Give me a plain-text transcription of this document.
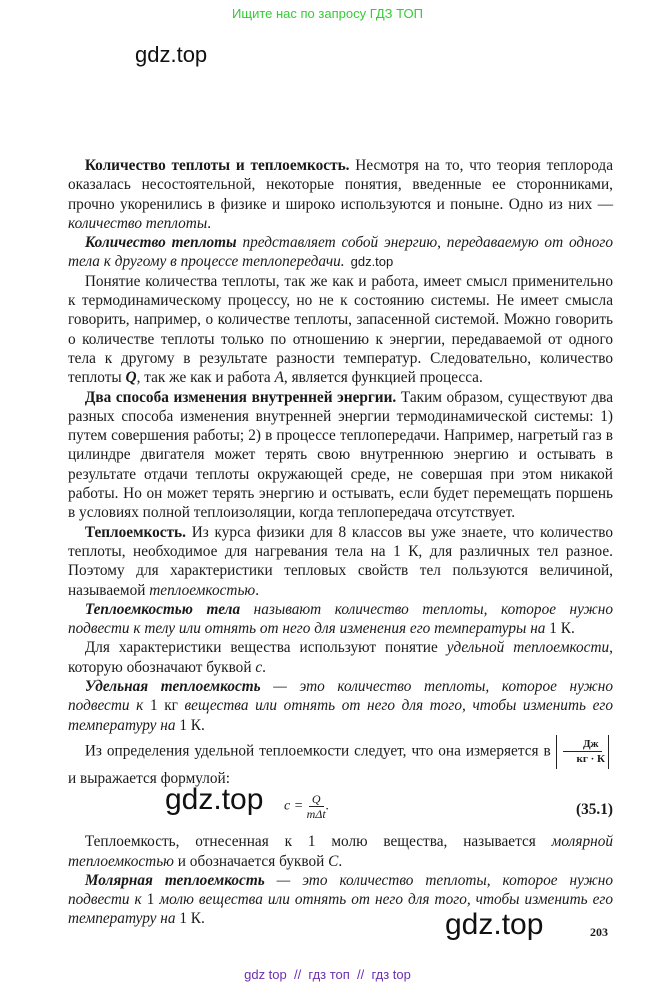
Ищите нас по запросу ГДЗ ТОП
gdz.top

Количество теплоты и теплоемкость. Несмотря на то, что теория теплорода оказалась несостоятельной, некоторые понятия, введенные ее сторонниками, прочно укоренились в физике и широко используются и поныне. Одно из них — количество теплоты.

Количество теплоты представляет собой энергию, передаваемую от одного тела к другому в процессе теплопередачи. gdz.top

Понятие количества теплоты, так же как и работа, имеет смысл применительно к термодинамическому процессу, но не к состоянию системы. Не имеет смысла говорить, например, о количестве теплоты, запасенной системой. Можно говорить о количестве теплоты только по отношению к энергии, передаваемой от одного тела к другому в результате разности температур. Следовательно, количество теплоты Q, так же как и работа A, является функцией процесса.

Два способа изменения внутренней энергии. Таким образом, существуют два разных способа изменения внутренней энергии термодинамической системы: 1) путем совершения работы; 2) в процессе теплопередачи. Например, нагретый газ в цилиндре двигателя может терять свою внутреннюю энергию и остывать в результате отдачи теплоты окружающей среде, не совершая при этом никакой работы. Но он может терять энергию и остывать, если будет перемещать поршень в условиях полной теплоизоляции, когда теплопередача отсутствует.

Теплоемкость. Из курса физики для 8 классов вы уже знаете, что количество теплоты, необходимое для нагревания тела на 1 К, для различных тел разное. Поэтому для характеристики тепловых свойств тел пользуются величиной, называемой теплоемкостью.

Теплоемкостью тела называют количество теплоты, которое нужно подвести к телу или отнять от него для изменения его температуры на 1 К.

Для характеристики вещества используют понятие удельной теплоемкости, которую обозначают буквой c.

Удельная теплоемкость — это количество теплоты, которое нужно подвести к 1 кг вещества или отнять от него для того, чтобы изменить его температуру на 1 К.

Из определения удельной теплоемкости следует, что она измеряется в $\frac{Дж}{кг \cdot К}$
и выражается формулой:

gdz.top $c = \frac{Q}{\text{mΔt}}$ .	(35.1)

Теплоемкость, отнесенная к 1 молю вещества, называется молярной теплоемкостью и обозначается буквой C.

Молярная теплоемкость — это количество теплоты, которое нужно подвести к 1 молю вещества или отнять от него для того, чтобы изменить его температуру на 1 К.	gdz.top	203
gdz top  //  гдз топ  //  гдз top
